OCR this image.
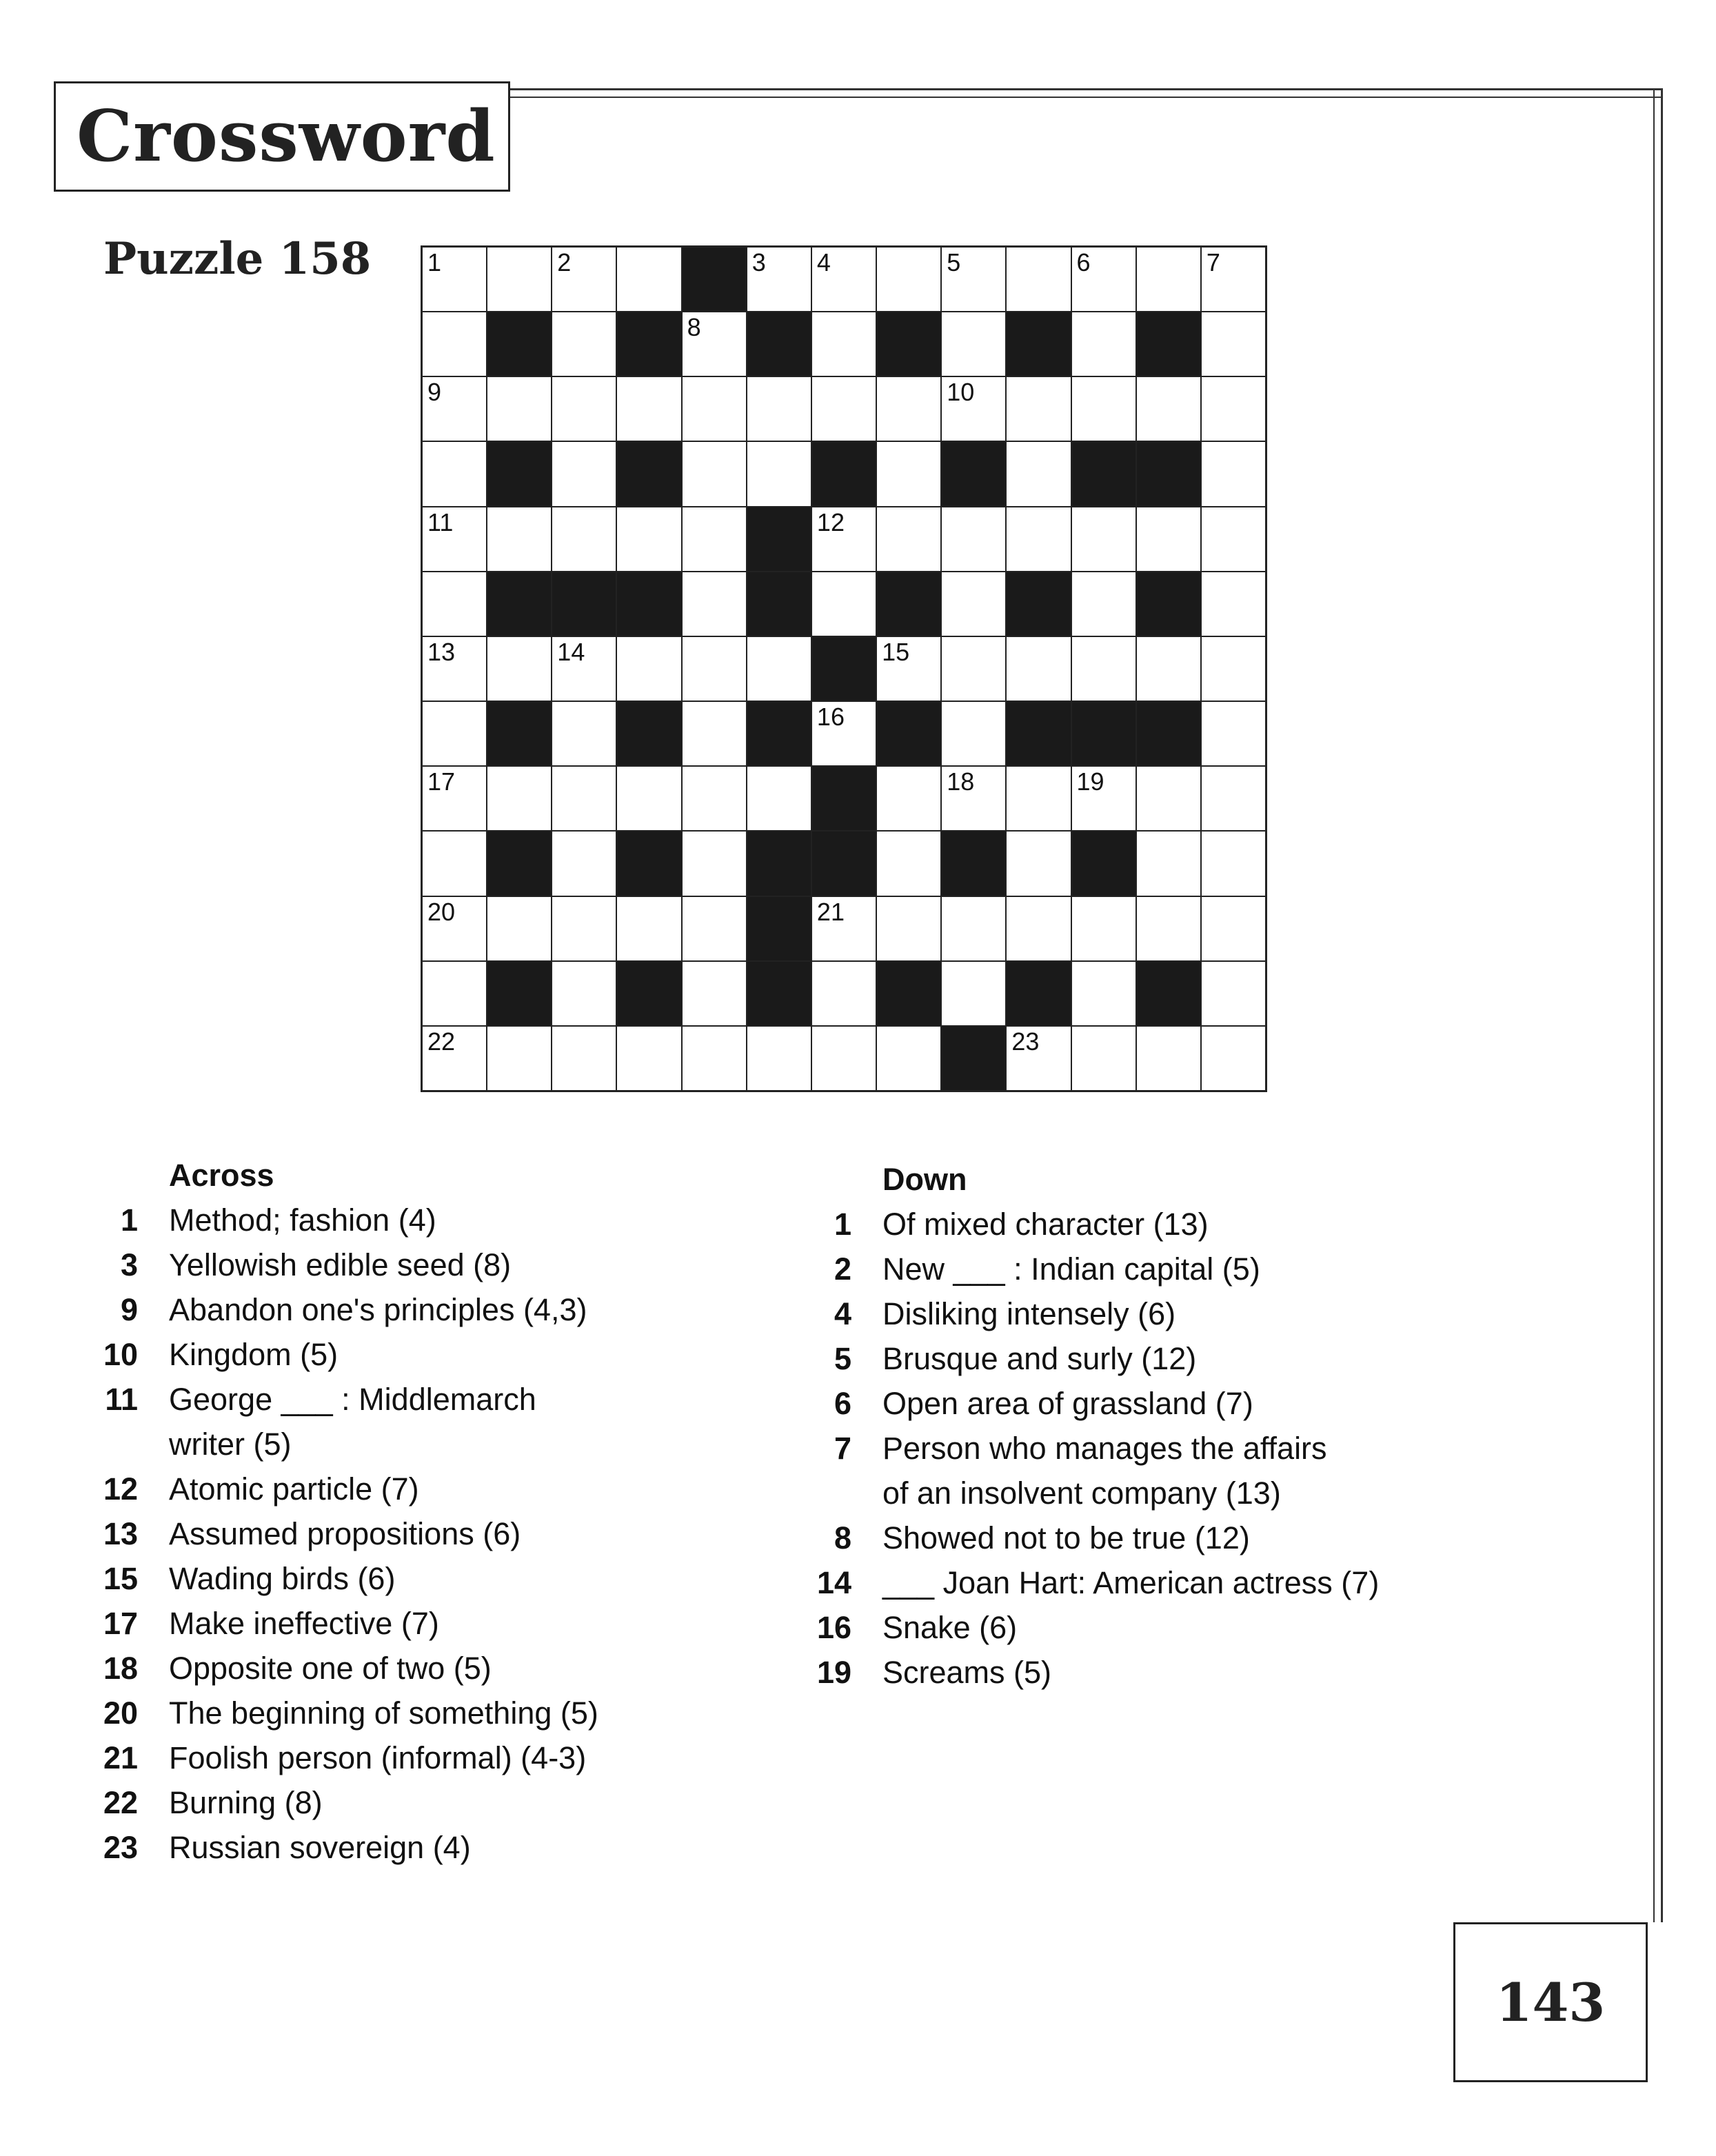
Crossword
Puzzle 158 1	2	3 4	5	6	7
8
9	10
11	12
13	14	15
16
17	18	19
20	21
22	23
Across
1	Method; fashion (4)
3	Yellowish edible seed (8)
9	Abandon one's principles (4,3)
10	Kingdom (5)
11	George ___ : Middlemarch
writer (5)
12	Atomic particle (7)
13	Assumed propositions (6)
15	Wading birds (6)
17	Make ineffective (7)
18	Opposite one of two (5)
20	The beginning of something (5)
21	Foolish person (informal) (4-3)
22	Burning (8)
23	Russian sovereign (4)
Down
1	Of mixed character (13)
2	New ___ : Indian capital (5)
4	Disliking intensely (6)
5	Brusque and surly (12)
6	Open area of grassland (7)
7	Person who manages the affairs
of an insolvent company (13)
8	Showed not to be true (12)
14	___ Joan Hart: American actress (7)
16	Snake (6)
19	Screams (5)
143
